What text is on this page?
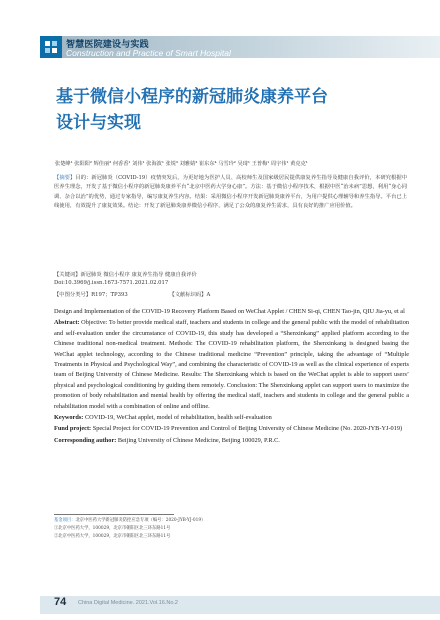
智慧医院建设与实践
Construction and Practice of Smart Hospital
基于微信小程序的新冠肺炎康养平台
设计与实现
张楚峰¹ 张阳阳² 辉佳丽³ 何香香¹ 刘伟¹ 张海波¹ 张锐³ 刘雅婧³ 崔东东⁴ 马雪玲² 吴琦¹ 王普梅¹ 周宇伟¹ 黄克克¹
【摘要】目的：新冠肺炎（COVID-19）疫情突发后，为更好地为医护人员、高校师生及国家级居民提供康复养生指导及健康自我评价，本研究根据中医养生理念，开发了基于微信小程序的新冠肺炎康养平台“北京中医药大学身心康”。方法：基于微信小程序技术，根据中医“治未病”思想，利用“身心同调、杂合以治”的优势，通过专家指导，编写康复养生内容。结果：采用微信小程序开发新冠肺炎康养平台，为用户提供心理辅导和养生指导。平台已上线使用，有效提升了康复效果。结论：开发了新冠肺炎康养微信小程序，满足了公众的康复养生需求，具有良好的推广应用价值。
【关键词】新冠肺炎 微信小程序 康复养生指导 健康自我评价
Doi:10.3969/j.issn.1673-7571.2021.02.017
【中图分类号】R197；TP393	【文献标识码】A

Design and Implementation of the COVID-19 Recovery Platform Based on WeChat Applet / CHEN Si-qi, CHEN Tao-jin, QIU Jia-yu, et al

Abstract: Objective: To better provide medical staff, teachers and students in college and the general public with the model of rehabilitation and self-evaluation under the circumstance of COVID-19, this study has developed a “Shenxinkang” applied platform according to the Chinese traditional non-medical treatment. Methods: The COVID-19 rehabilitation platform, the Shenxinkang is designed basing the WeChat applet technology, according to the Chinese traditional medicine “Prevention” principle, taking the advantage of “Multiple Treatments in Physical and Psychological Way”, and combining the characteristic of COVID-19 as well as the clinical experience of experts team of Beijing University of Chinese Medicine. Results: The Shenxinkang which is based on the WeChat applet is able to support users’ physical and psychological conditioning by guiding them remotely. Conclusion: The Shenxinkang applet can support users to maximize the promotion of body rehabilitation and mental health by offering the medical staff, teachers and students in college and the general public a rehabilitation model with a combination of online and offline.

Keywords: COVID-19, WeChat applet, model of rehabilitation, health self-evaluation

Fund project: Special Project for COVID-19 Prevention and Control of Beijing University of Chinese Medicine (No. 2020-JYB-YJ-019)

Corresponding author: Beijing University of Chinese Medicine, Beijing 100029, P.R.C.

基金项目：北京中医药大学新冠肺炎防控应急专项（编号：2020-JYB-YJ-019）
①北京中医药大学，100029，北京市朝阳区北三环东路11号
②北京中医药大学，100029，北京市朝阳区北三环东路11号
74 China Digital Medicine. 2021.Vol.16.No.2
